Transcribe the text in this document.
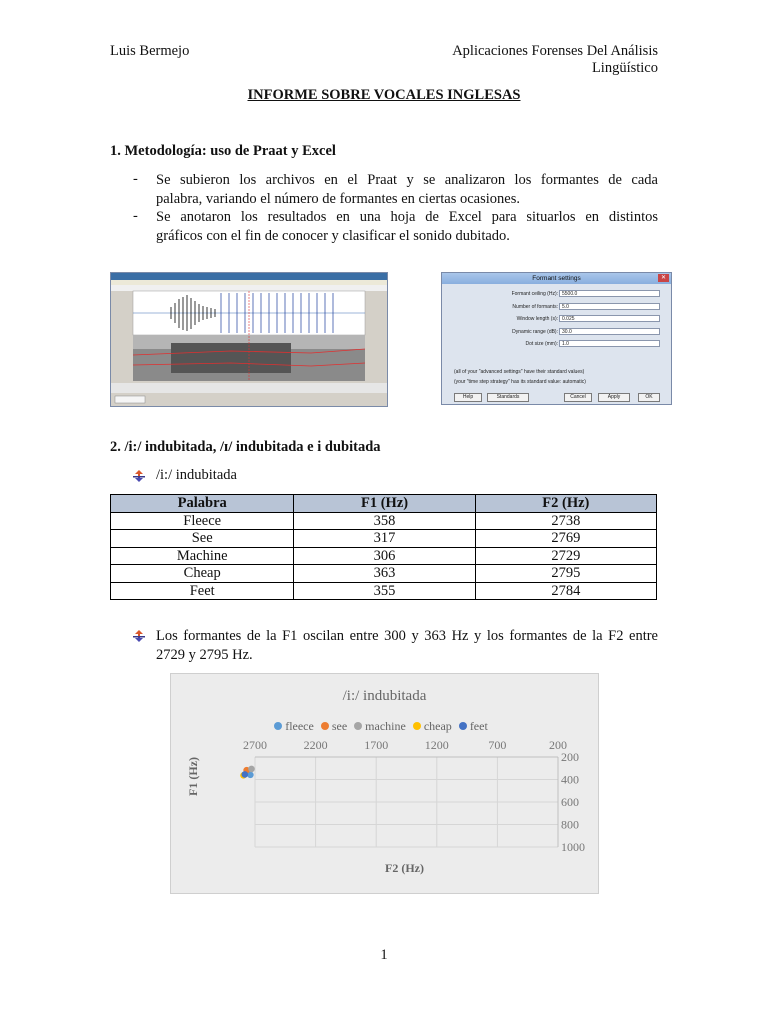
Luis Bermejo	Aplicaciones Forenses Del Análisis
Lingüístico
INFORME SOBRE VOCALES INGLESAS
1. Metodología: uso de Praat y Excel
- Se subieron los archivos en el Praat y se analizaron los formantes de cada
palabra, variando el número de formantes en ciertas ocasiones.
- Se anotaron los resultados en una hoja de Excel para situarlos en distintos
gráficos con el fin de conocer y clasificar el sonido dubitado.
Formant settings	✕
Formant ceiling (Hz): 5500.0
Number of formants: 5.0
Window length (s): 0.025
Dynamic range (dB): 30.0
Dot size (mm): 1.0
(all of your "advanced settings" have their standard values)
(your "time step strategy" has its standard value: automatic)
Help	Standards	Cancel	Apply	OK
2. /i:/ indubitada, /ɪ/ indubitada e i dubitada
/i:/ indubitada
Palabra	F1 (Hz)	F2 (Hz)
Fleece	358	2738
See	317	2769
Machine	306	2729
Cheap	363	2795
Feet	355	2784
Los formantes de la F1 oscilan entre 300 y 363 Hz y los formantes de la F2 entre
2729 y 2795 Hz.
/i:/ indubitada
fleece see machine cheap feet
2700	2200	1700	1200	700	200
200
400
600
800
1000
F2 (Hz)
F1 (Hz)
1
